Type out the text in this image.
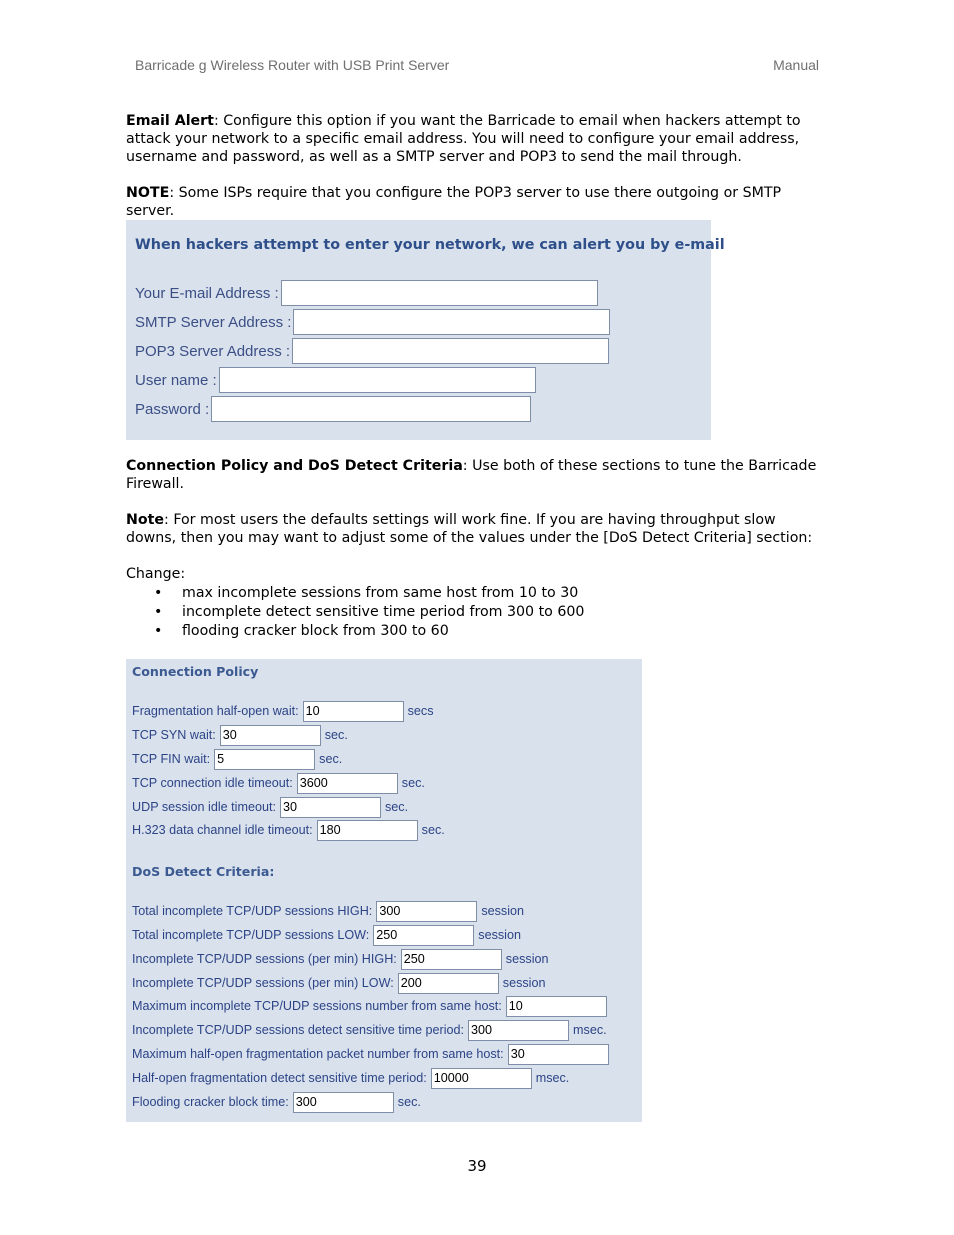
Barricade g Wireless Router with USB Print Server	Manual

Email Alert: Configure this option if you want the Barricade to email when hackers attempt to attack your network to a specific email address. You will need to configure your email address, username and password, as well as a SMTP server and POP3 to send the mail through.

NOTE: Some ISPs require that you configure the POP3 server to use there outgoing or SMTP server.

When hackers attempt to enter your network, we can alert you by e-mail
Your E-mail Address :
SMTP Server Address :
POP3 Server Address :
User name :
Password :

Connection Policy and DoS Detect Criteria: Use both of these sections to tune the Barricade Firewall.

Note: For most users the defaults settings will work fine. If you are having throughput slow downs, then you may want to adjust some of the values under the [DoS Detect Criteria] section:

Change:

• max incomplete sessions from same host from 10 to 30
• incomplete detect sensitive time period from 300 to 600
• flooding cracker block from 300 to 60
Connection Policy
Fragmentation half-open wait:
10	secs
TCP SYN wait:
30	sec.
TCP FIN wait:
5	sec.
TCP connection idle timeout:
3600	sec.
UDP session idle timeout:
30	sec.
H.323 data channel idle timeout:
180	sec.
DoS Detect Criteria:
Total incomplete TCP/UDP sessions HIGH:
300	session
Total incomplete TCP/UDP sessions LOW:
250	session
Incomplete TCP/UDP sessions (per min) HIGH:
250	session
Incomplete TCP/UDP sessions (per min) LOW:
200	session
Maximum incomplete TCP/UDP sessions number from same host:
10
Incomplete TCP/UDP sessions detect sensitive time period:
300	msec.
Maximum half-open fragmentation packet number from same host:
30
Half-open fragmentation detect sensitive time period:
10000	msec.
Flooding cracker block time:
300	sec.
39
